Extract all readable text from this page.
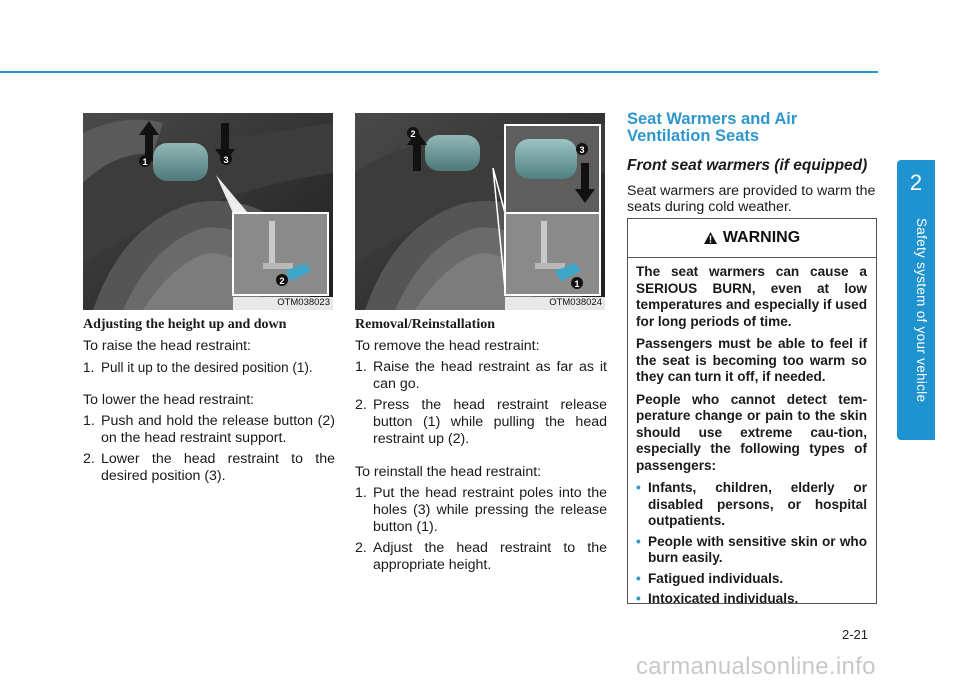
2
Safety system of your vehicle
1	3
2
OTM038023
2
3
1
OTM038024
Adjusting the height up and down
To raise the head restraint:
1. Pull it up to the desired position (1).
To lower the head restraint:
1. Push and hold the release button (2) on the head restraint support.
2. Lower the head restraint to the desired position (3).
Removal/Reinstallation
To remove the head restraint:
1. Raise the head restraint as far as it can go.
2. Press the head restraint release button (1) while pulling the head restraint up (2).
To reinstall the head restraint:
1. Put the head restraint poles into the holes (3) while pressing the release button (1).
2. Adjust the head restraint to the appropriate height.
Seat Warmers and Air
Ventilation Seats
Front seat warmers (if equipped)
Seat warmers are provided to warm the seats during cold weather.
WARNING

The seat warmers can cause a SERIOUS BURN, even at low temperatures and especially if used for long periods of time.

Passengers must be able to feel if the seat is becoming too warm so they can turn it off, if needed.

People who cannot detect tem-perature change or pain to the skin should use extreme cau-tion, especially the following types of passengers:

• Infants, children, elderly or disabled persons, or hospital outpatients.
• People with sensitive skin or who burn easily.
• Fatigued individuals.
• Intoxicated individuals.
2-21
carmanualsonline.info
